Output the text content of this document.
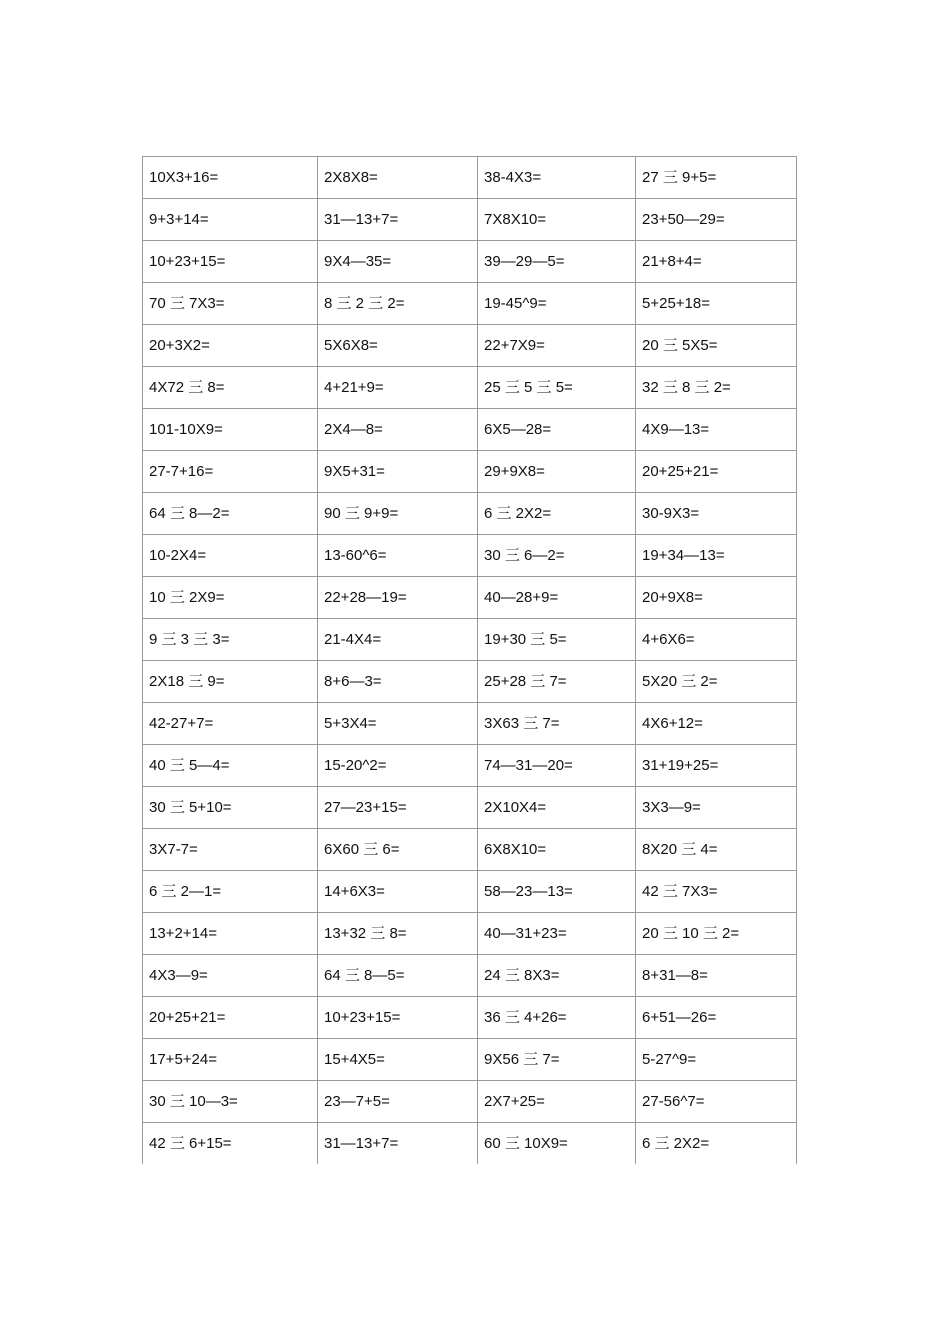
10X3+16=	2X8X8=	38-4X3=	27 三 9+5=
9+3+14=	31—13+7=	7X8X10=	23+50—29=
10+23+15=	9X4—35=	39—29—5=	21+8+4=
70 三 7X3=	8 三 2 三 2=	19-45^9=	5+25+18=
20+3X2=	5X6X8=	22+7X9=	20 三 5X5=
4X72 三 8=	4+21+9=	25 三 5 三 5=	32 三 8 三 2=
101-10X9=	2X4—8=	6X5—28=	4X9—13=
27-7+16=	9X5+31=	29+9X8=	20+25+21=
64 三 8—2=	90 三 9+9=	6 三 2X2=	30-9X3=
10-2X4=	13-60^6=	30 三 6—2=	19+34—13=
10 三 2X9=	22+28—19=	40—28+9=	20+9X8=
9 三 3 三 3=	21-4X4=	19+30 三 5=	4+6X6=
2X18 三 9=	8+6—3=	25+28 三 7=	5X20 三 2=
42-27+7=	5+3X4=	3X63 三 7=	4X6+12=
40 三 5—4=	15-20^2=	74—31—20=	31+19+25=
30 三 5+10=	27—23+15=	2X10X4=	3X3—9=
3X7-7=	6X60 三 6=	6X8X10=	8X20 三 4=
6 三 2—1=	14+6X3=	58—23—13=	42 三 7X3=
13+2+14=	13+32 三 8=	40—31+23=	20 三 10 三 2=
4X3—9=	64 三 8—5=	24 三 8X3=	8+31—8=
20+25+21=	10+23+15=	36 三 4+26=	6+51—26=
17+5+24=	15+4X5=	9X56 三 7=	5-27^9=
30 三 10—3=	23—7+5=	2X7+25=	27-56^7=
42 三 6+15=	31—13+7=	60 三 10X9=	6 三 2X2=
